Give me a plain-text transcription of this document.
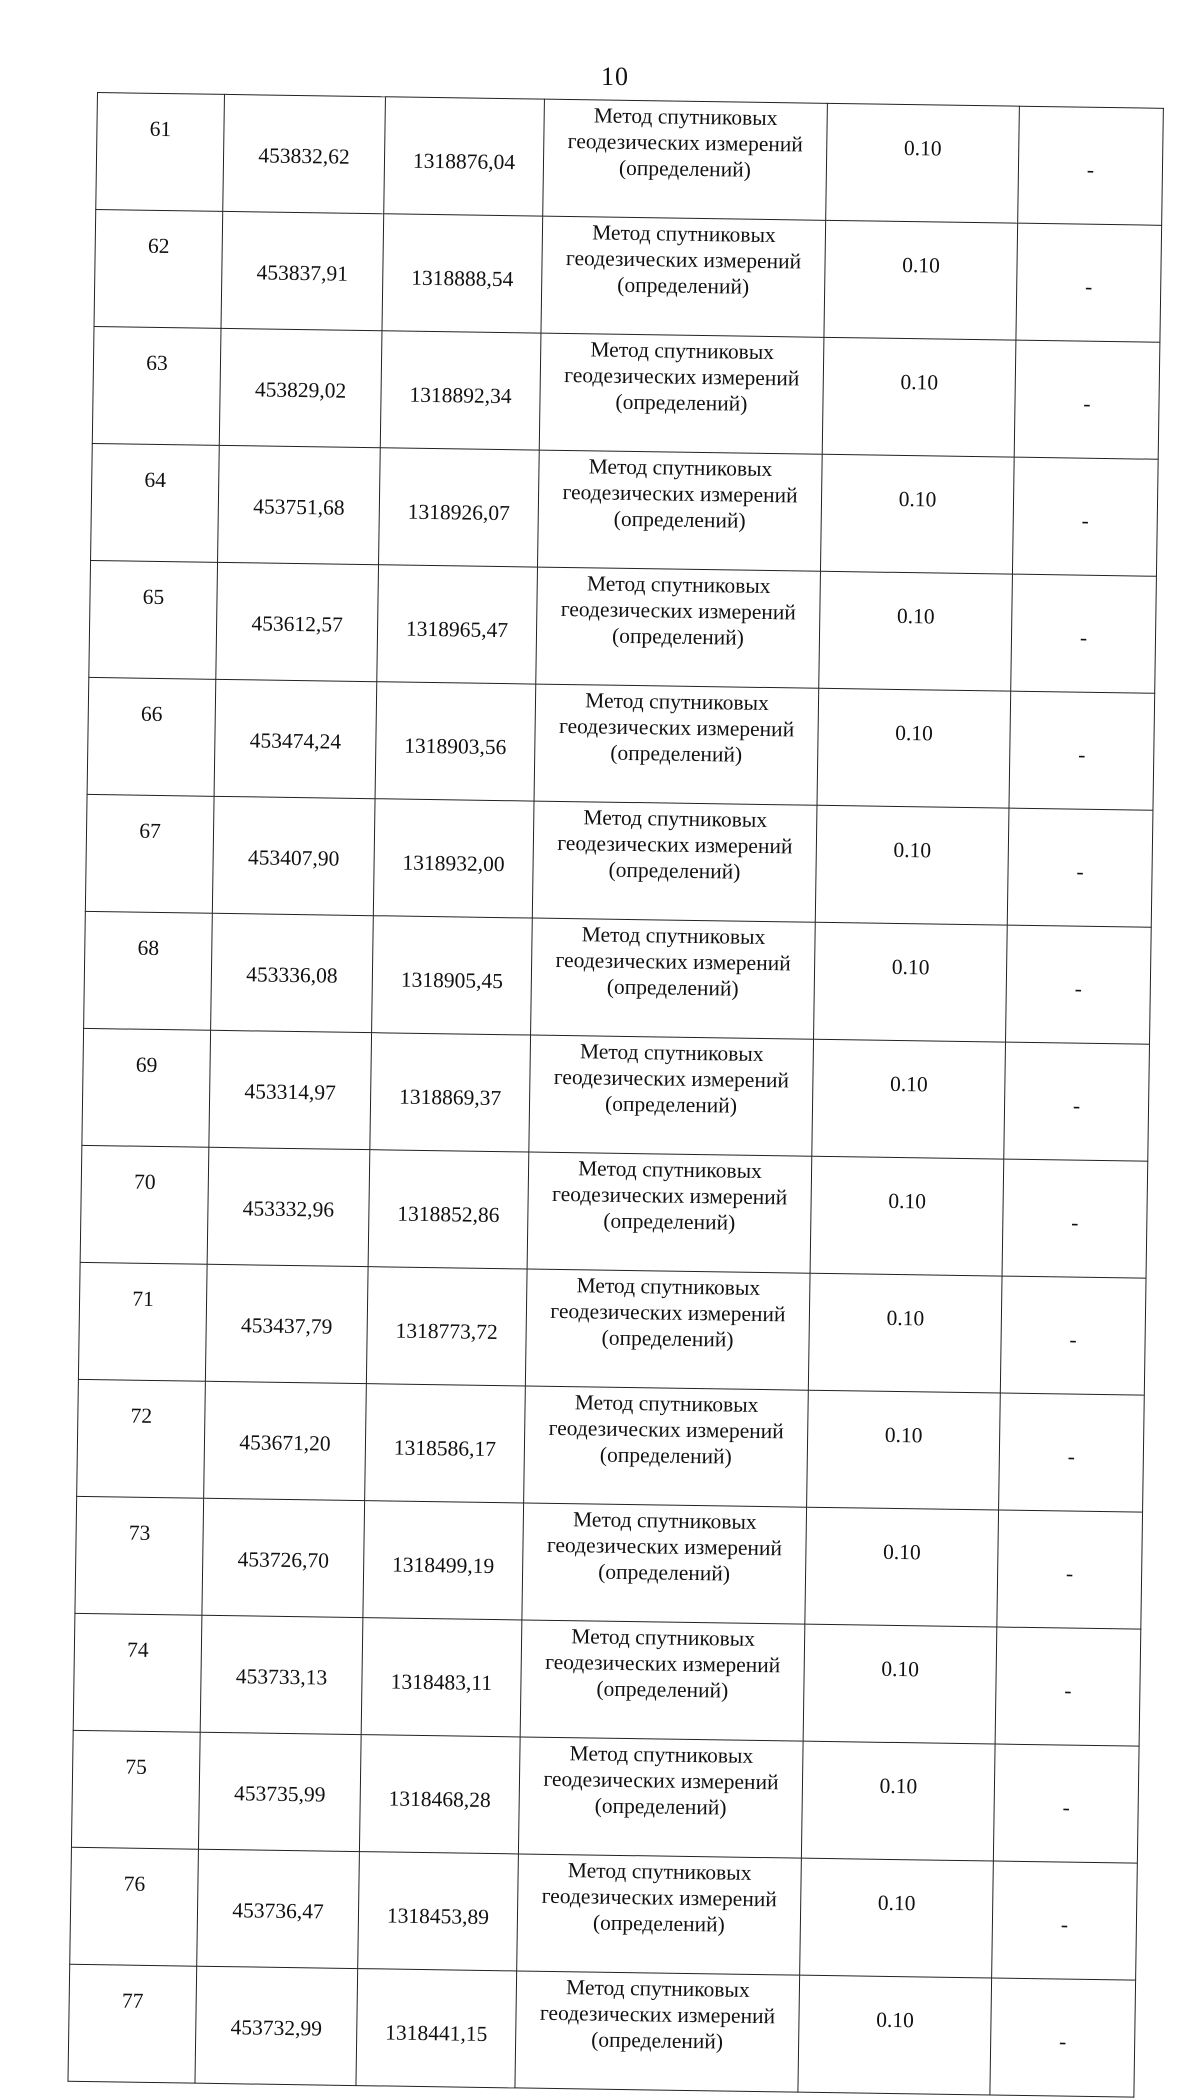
10
61	453832,62	1318876,04	Метод спутниковых
геодезических измерений
(определений)	0.10	-
62	453837,91	1318888,54	Метод спутниковых
геодезических измерений
(определений)	0.10	-
63	453829,02	1318892,34	Метод спутниковых
геодезических измерений
(определений)	0.10	-
64	453751,68	1318926,07	Метод спутниковых
геодезических измерений
(определений)	0.10	-
65	453612,57	1318965,47	Метод спутниковых
геодезических измерений
(определений)	0.10	-
66	453474,24	1318903,56	Метод спутниковых
геодезических измерений
(определений)	0.10	-
67	453407,90	1318932,00	Метод спутниковых
геодезических измерений
(определений)	0.10	-
68	453336,08	1318905,45	Метод спутниковых
геодезических измерений
(определений)	0.10	-
69	453314,97	1318869,37	Метод спутниковых
геодезических измерений
(определений)	0.10	-
70	453332,96	1318852,86	Метод спутниковых
геодезических измерений
(определений)	0.10	-
71	453437,79	1318773,72	Метод спутниковых
геодезических измерений
(определений)	0.10	-
72	453671,20	1318586,17	Метод спутниковых
геодезических измерений
(определений)	0.10	-
73	453726,70	1318499,19	Метод спутниковых
геодезических измерений
(определений)	0.10	-
74	453733,13	1318483,11	Метод спутниковых
геодезических измерений
(определений)	0.10	-
75	453735,99	1318468,28	Метод спутниковых
геодезических измерений
(определений)	0.10	-
76	453736,47	1318453,89	Метод спутниковых
геодезических измерений
(определений)	0.10	-
77	453732,99	1318441,15	Метод спутниковых
геодезических измерений
(определений)	0.10	-
